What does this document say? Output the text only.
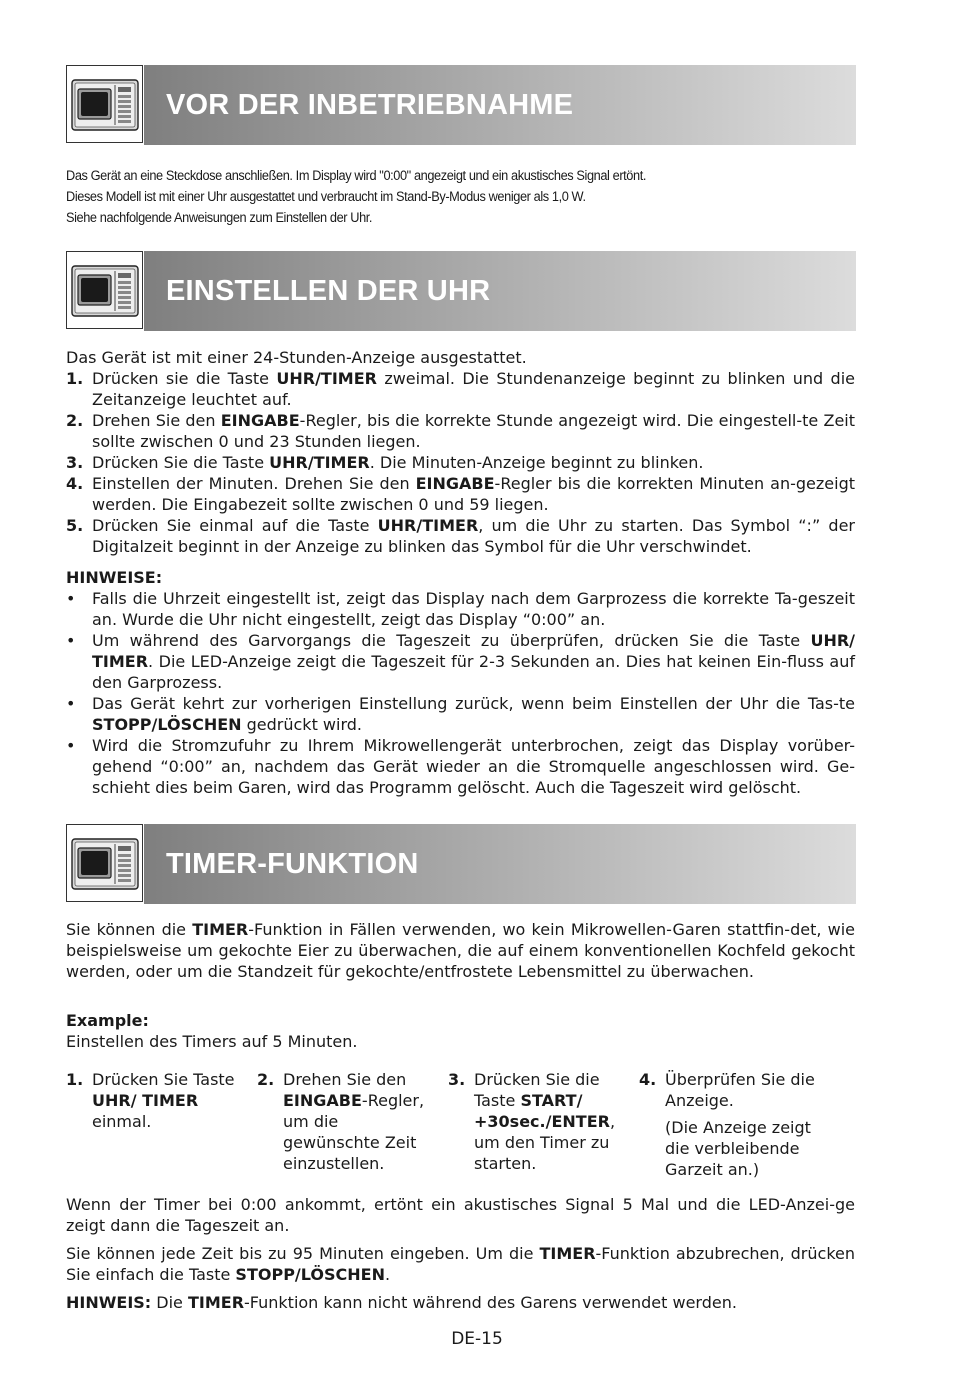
VOR DER INBETRIEBNAHME
Das Gerät an eine Steckdose anschließen. Im Display wird "0:00" angezeigt und ein akustisches Signal ertönt.
Dieses Modell ist mit einer Uhr ausgestattet und verbraucht im Stand-By-Modus weniger als 1,0 W.
Siehe nachfolgende Anweisungen zum Einstellen der Uhr.
EINSTELLEN DER UHR

Das Gerät ist mit einer 24-Stunden-Anzeige ausgestattet.

1. Drücken sie die Taste UHR/TIMER zweimal. Die Stundenanzeige beginnt zu blinken und die Zeitanzeige leuchtet auf.
2. Drehen Sie den EINGABE-Regler, bis die korrekte Stunde angezeigt wird. Die eingestell-te Zeit sollte zwischen 0 und 23 Stunden liegen.
3. Drücken Sie die Taste UHR/TIMER. Die Minuten-Anzeige beginnt zu blinken.
4. Einstellen der Minuten. Drehen Sie den EINGABE-Regler bis die korrekten Minuten an-gezeigt werden. Die Eingabezeit sollte zwischen 0 und 59 liegen.
5. Drücken Sie einmal auf die Taste UHR/TIMER, um die Uhr zu starten. Das Symbol “:” der Digitalzeit beginnt in der Anzeige zu blinken das Symbol für die Uhr verschwindet.

HINWEISE:

• Falls die Uhrzeit eingestellt ist, zeigt das Display nach dem Garprozess die korrekte Ta-geszeit an. Wurde die Uhr nicht eingestellt, zeigt das Display “0:00” an.
• Um während des Garvorgangs die Tageszeit zu überprüfen, drücken Sie die Taste UHR/ TIMER. Die LED-Anzeige zeigt die Tageszeit für 2-3 Sekunden an. Dies hat keinen Ein-fluss auf den Garprozess.
• Das Gerät kehrt zur vorherigen Einstellung zurück, wenn beim Einstellen der Uhr die Tas-te STOPP/LÖSCHEN gedrückt wird.
• Wird die Stromzufuhr zu Ihrem Mikrowellengerät unterbrochen, zeigt das Display vorüber-gehend “0:00” an, nachdem das Gerät wieder an die Stromquelle angeschlossen wird. Ge-schieht dies beim Garen, wird das Programm gelöscht. Auch die Tageszeit wird gelöscht.
TIMER-FUNKTION
Sie können die TIMER-Funktion in Fällen verwenden, wo kein Mikrowellen-Garen stattfin-det, wie beispielsweise um gekochte Eier zu überwachen, die auf einem konventionellen Kochfeld gekocht werden, oder um die Standzeit für gekochte/entfrostete Lebensmittel zu überwachen.

Example:

Einstellen des Timers auf 5 Minuten.

1. Drücken Sie Taste UHR/ TIMER einmal.

2. Drehen Sie den EINGABE-Regler, um die gewünschte Zeit einzustellen.

3. Drücken Sie die Taste START/ +30sec./ENTER, um den Timer zu starten.

4. Überprüfen Sie die Anzeige.

(Die Anzeige zeigt die verbleibende Garzeit an.)

Wenn der Timer bei 0:00 ankommt, ertönt ein akustisches Signal 5 Mal und die LED-Anzei-ge zeigt dann die Tageszeit an.

Sie können jede Zeit bis zu 95 Minuten eingeben. Um die TIMER-Funktion abzubrechen, drücken Sie einfach die Taste STOPP/LÖSCHEN.

HINWEIS: Die TIMER-Funktion kann nicht während des Garens verwendet werden.

DE-15
